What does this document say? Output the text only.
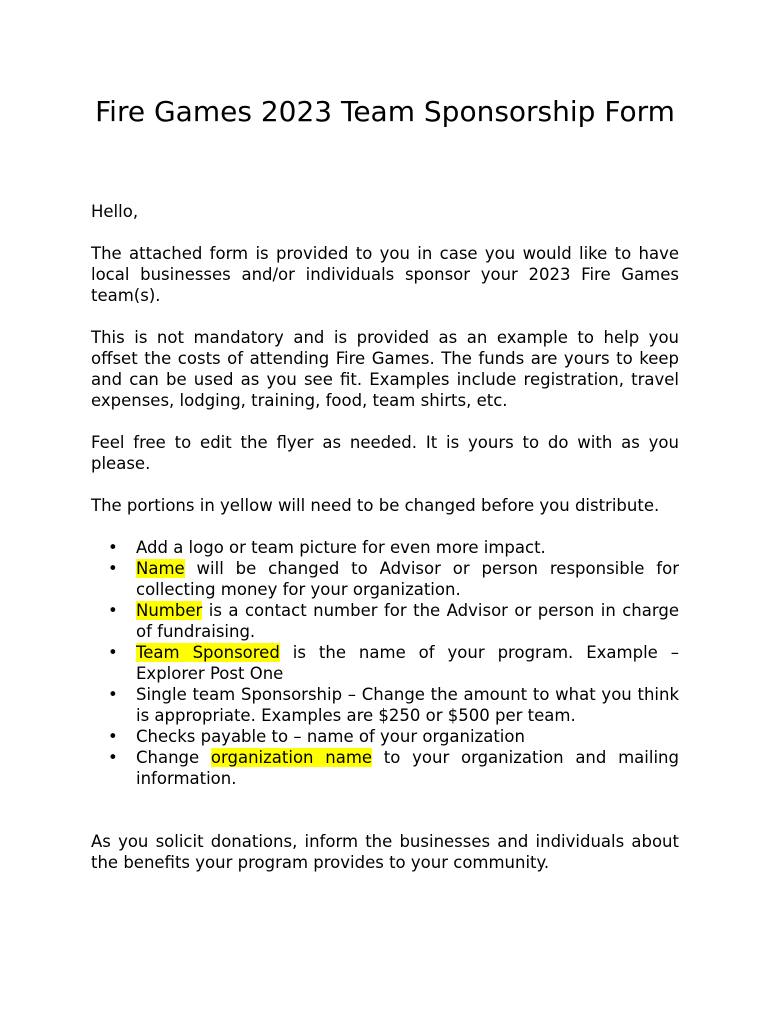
Fire Games 2023 Team Sponsorship Form

Hello,

The attached form is provided to you in case you would like to have local businesses and/or individuals sponsor your 2023 Fire Games team(s).

This is not mandatory and is provided as an example to help you offset the costs of attending Fire Games. The funds are yours to keep and can be used as you see fit. Examples include registration, travel expenses, lodging, training, food, team shirts, etc.

Feel free to edit the flyer as needed. It is yours to do with as you please.

The portions in yellow will need to be changed before you distribute.

• Add a logo or team picture for even more impact.
• Name will be changed to Advisor or person responsible for collecting money for your organization.
• Number is a contact number for the Advisor or person in charge of fundraising.
• Team Sponsored is the name of your program. Example – Explorer Post One
• Single team Sponsorship – Change the amount to what you think is appropriate. Examples are $250 or $500 per team.
• Checks payable to – name of your organization
• Change organization name to your organization and mailing information.

As you solicit donations, inform the businesses and individuals about the benefits your program provides to your community.
